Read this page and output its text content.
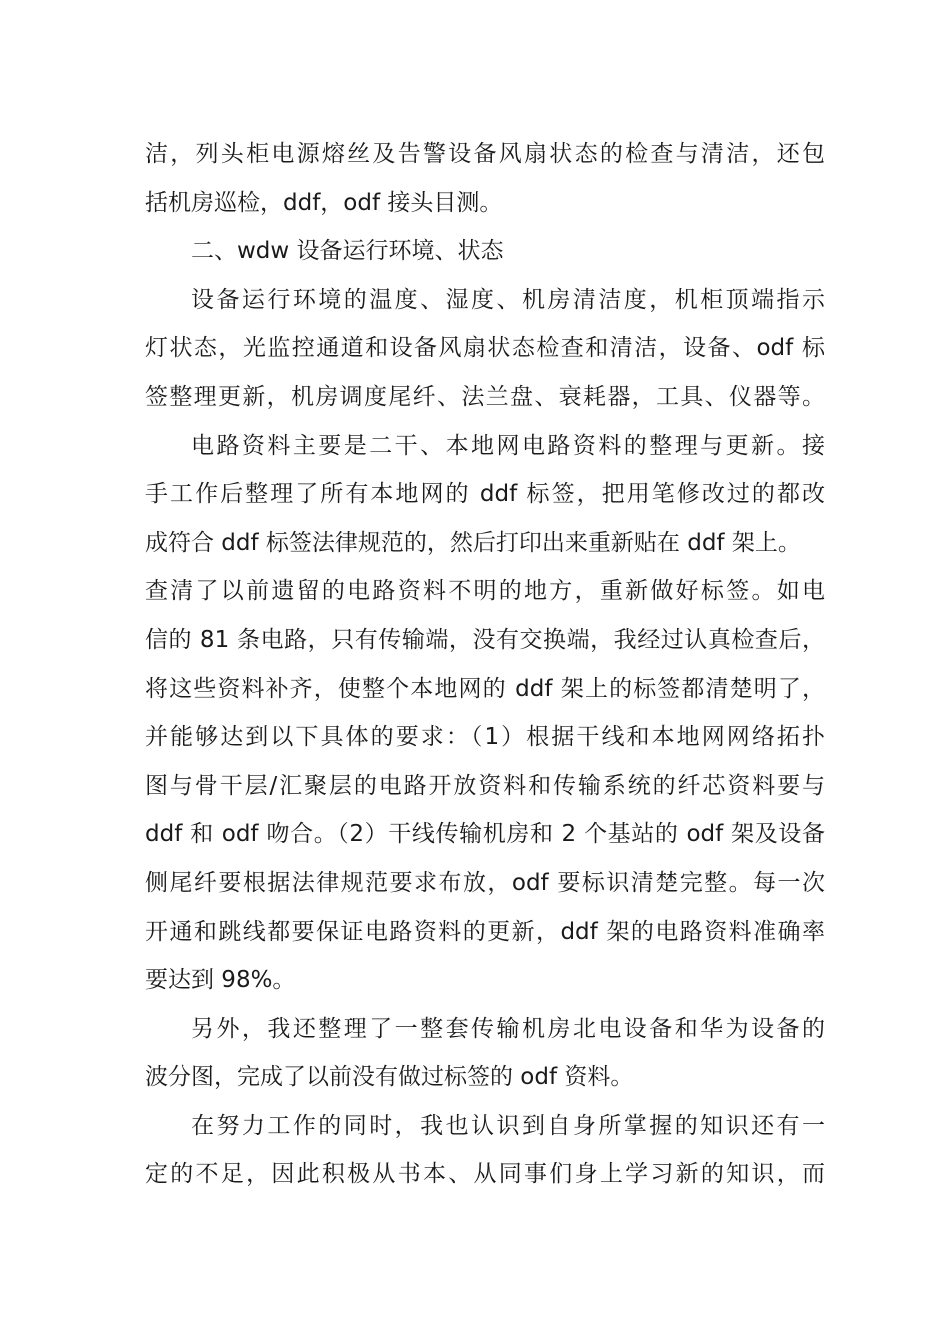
洁，列头柜电源熔丝及告警设备风扇状态的检查与清洁，还包
括机房巡检，ddf，odf 接头目测。
二、wdw 设备运行环境、状态
设备运行环境的温度、湿度、机房清洁度，机柜顶端指示
灯状态，光监控通道和设备风扇状态检查和清洁，设备、odf 标
签整理更新，机房调度尾纤、法兰盘、衰耗器，工具、仪器等。
电路资料主要是二干、本地网电路资料的整理与更新。接
手工作后整理了所有本地网的 ddf 标签，把用笔修改过的都改
成符合 ddf 标签法律规范的，然后打印出来重新贴在 ddf 架上。
查清了以前遗留的电路资料不明的地方，重新做好标签。如电
信的 81 条电路，只有传输端，没有交换端，我经过认真检查后，
将这些资料补齐，使整个本地网的 ddf 架上的标签都清楚明了，
并能够达到以下具体的要求：（1）根据干线和本地网网络拓扑
图与骨干层/汇聚层的电路开放资料和传输系统的纤芯资料要与
ddf 和 odf 吻合。（2）干线传输机房和 2 个基站的 odf 架及设备
侧尾纤要根据法律规范要求布放，odf 要标识清楚完整。每一次
开通和跳线都要保证电路资料的更新，ddf 架的电路资料准确率
要达到 98%。
另外，我还整理了一整套传输机房北电设备和华为设备的
波分图，完成了以前没有做过标签的 odf 资料。
在努力工作的同时，我也认识到自身所掌握的知识还有一
定的不足，因此积极从书本、从同事们身上学习新的知识，而
